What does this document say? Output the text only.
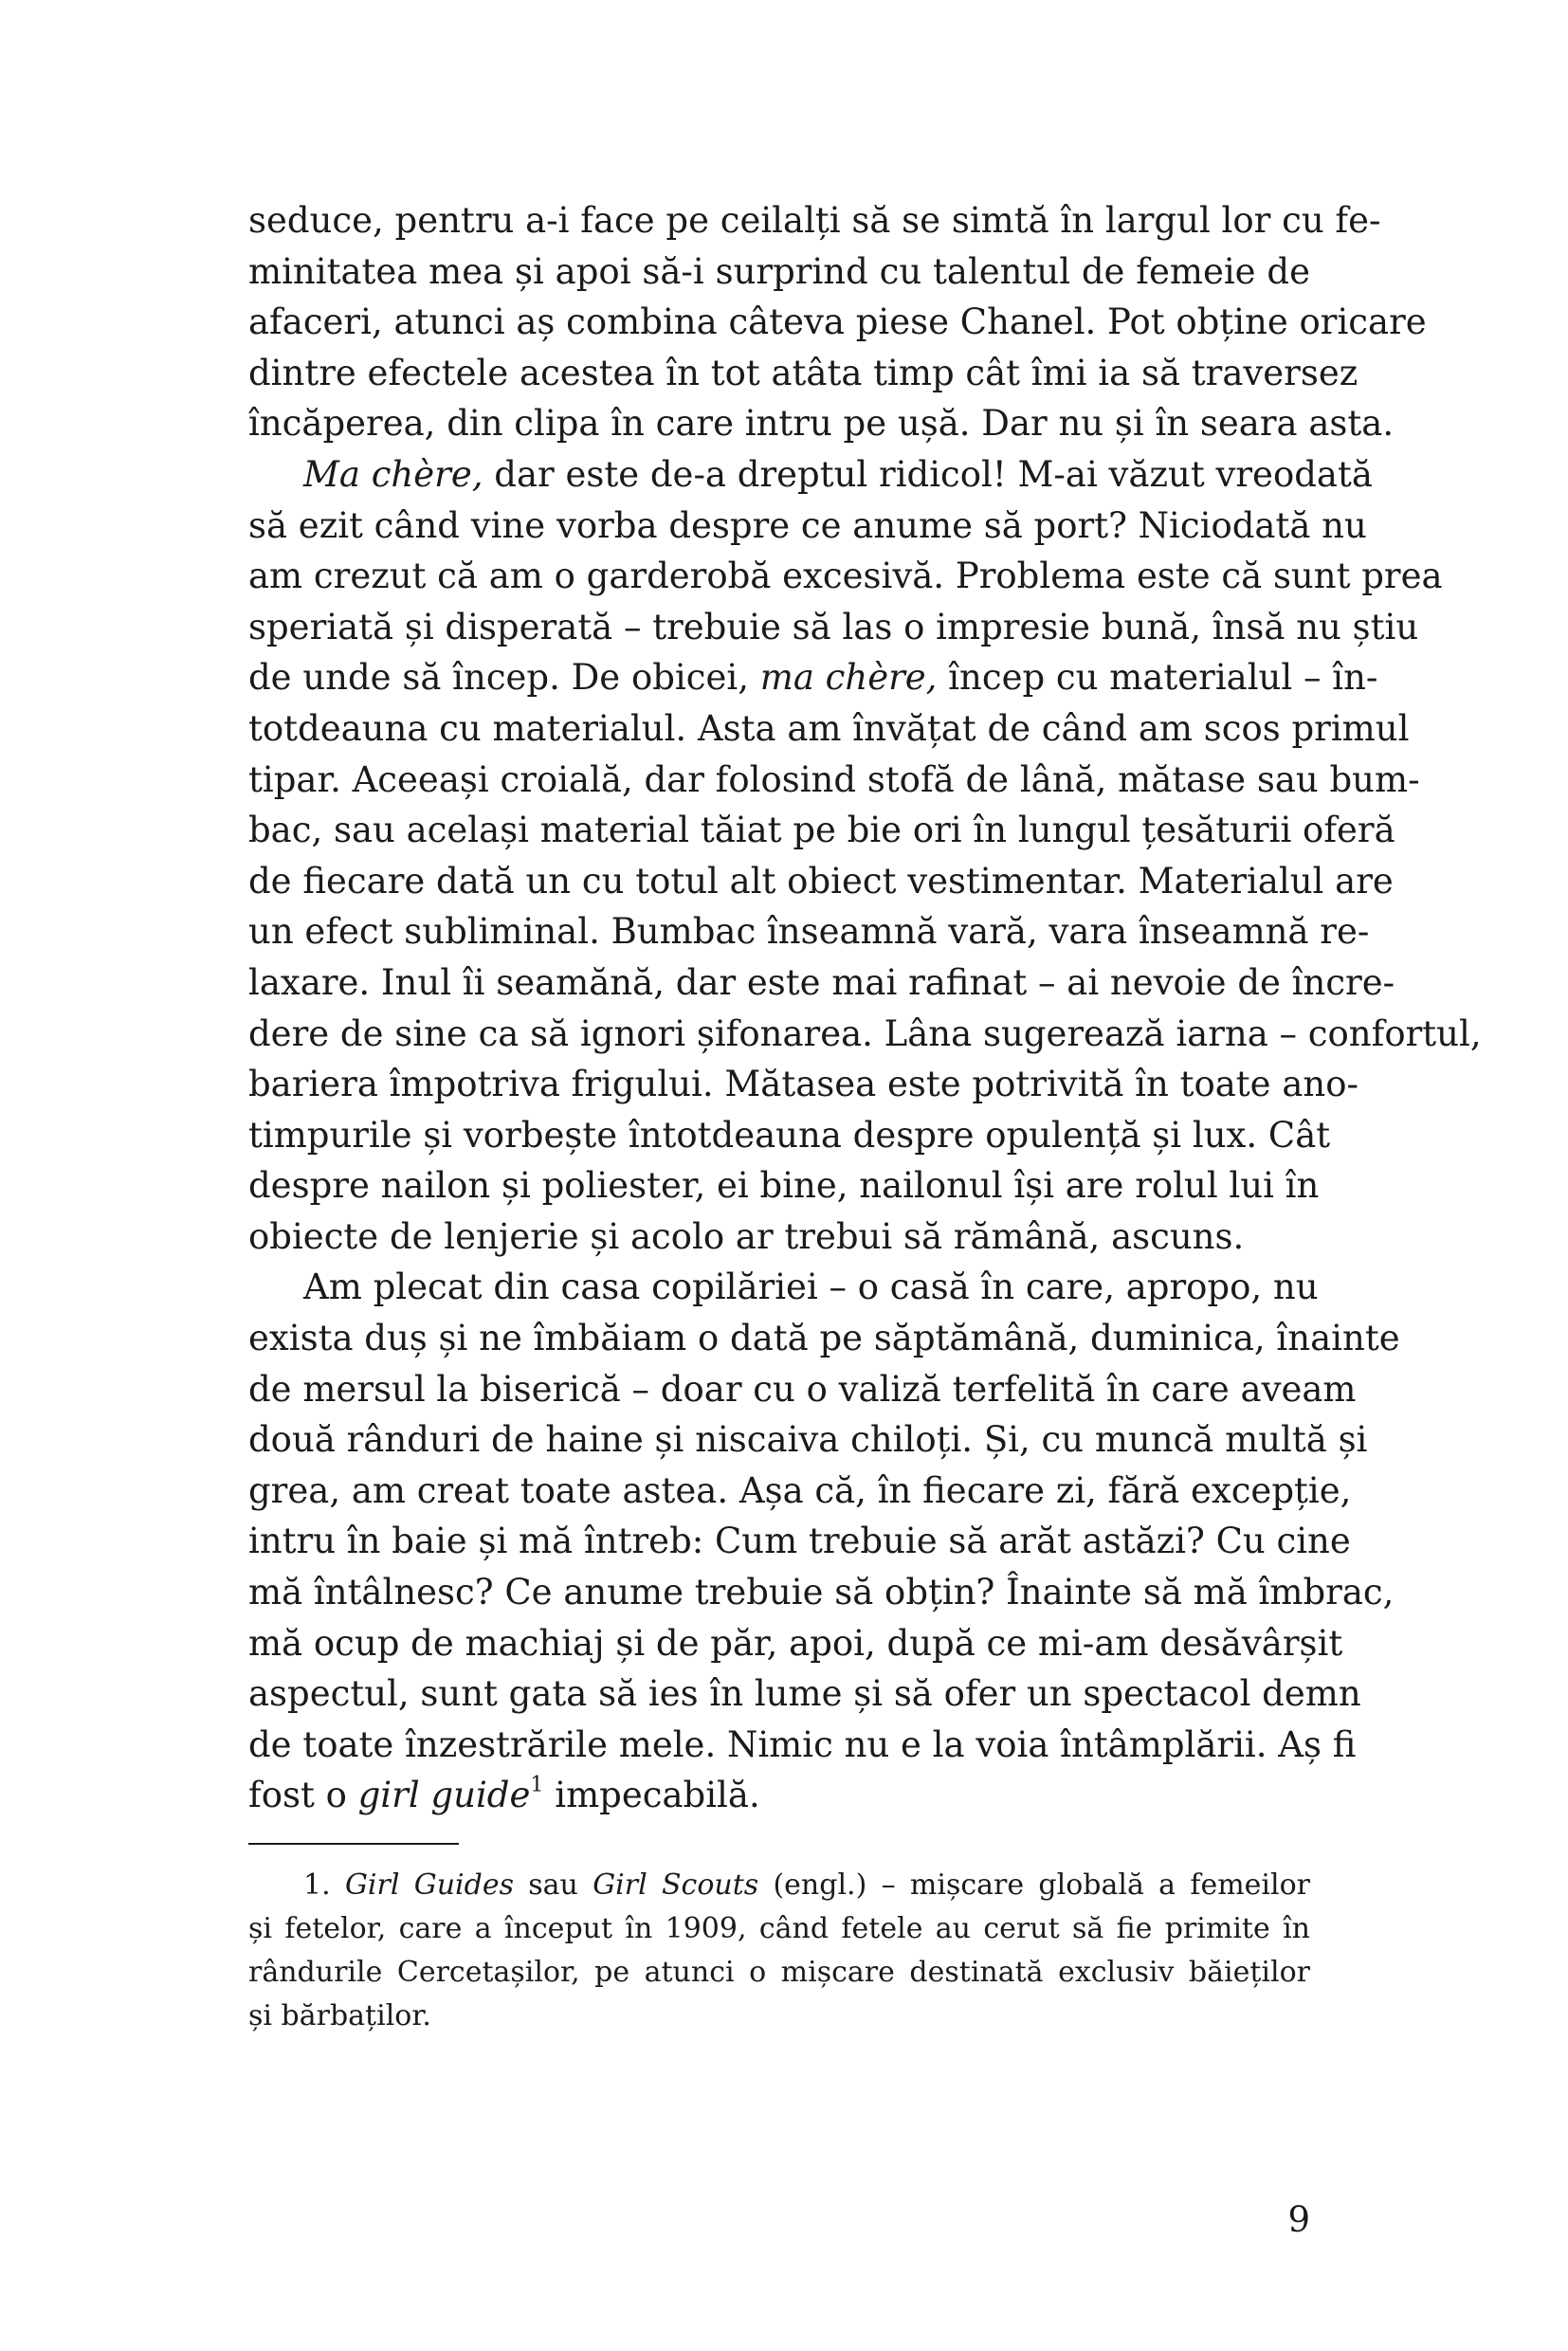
seduce, pentru a-i face pe ceilalți să se simtă în largul lor cu fe-
minitatea mea și apoi să-i surprind cu talentul de femeie de
afaceri, atunci aș combina câteva piese Chanel. Pot obține oricare
dintre efectele acestea în tot atâta timp cât îmi ia să traversez
încăperea, din clipa în care intru pe ușă. Dar nu și în seara asta.

Ma chère, dar este de-a dreptul ridicol! M-ai văzut vreodată
să ezit când vine vorba despre ce anume să port? Niciodată nu
am crezut că am o garderobă excesivă. Problema este că sunt prea
speriată și disperată – trebuie să las o impresie bună, însă nu știu
de unde să încep. De obicei, ma chère, încep cu materialul – în-
totdeauna cu materialul. Asta am învățat de când am scos primul
tipar. Aceeași croială, dar folosind stofă de lână, mătase sau bum-
bac, sau același material tăiat pe bie ori în lungul țesăturii oferă
de fiecare dată un cu totul alt obiect vestimentar. Materialul are
un efect subliminal. Bumbac înseamnă vară, vara înseamnă re-
laxare. Inul îi seamănă, dar este mai rafinat – ai nevoie de încre-
dere de sine ca să ignori șifonarea. Lâna sugerează iarna – confortul,
bariera împotriva frigului. Mătasea este potrivită în toate ano-
timpurile și vorbește întotdeauna despre opulență și lux. Cât
despre nailon și poliester, ei bine, nailonul își are rolul lui în
obiecte de lenjerie și acolo ar trebui să rămână, ascuns.

Am plecat din casa copilăriei – o casă în care, apropo, nu
exista duș și ne îmbăiam o dată pe săptămână, duminica, înainte
de mersul la biserică – doar cu o valiză terfelită în care aveam
două rânduri de haine și niscaiva chiloți. Și, cu muncă multă și
grea, am creat toate astea. Așa că, în fiecare zi, fără excepție,
intru în baie și mă întreb: Cum trebuie să arăt astăzi? Cu cine
mă întâlnesc? Ce anume trebuie să obțin? Înainte să mă îmbrac,
mă ocup de machiaj și de păr, apoi, după ce mi-am desăvârșit
aspectul, sunt gata să ies în lume și să ofer un spectacol demn
de toate înzestrările mele. Nimic nu e la voia întâmplării. Aș fi
fost o girl guide$^1$ impecabilă.

1. Girl Guides sau Girl Scouts (engl.) – mișcare globală a femeilor
și fetelor, care a început în 1909, când fetele au cerut să fie primite în
rândurile Cercetașilor, pe atunci o mișcare destinată exclusiv băieților
și bărbaților.

9
